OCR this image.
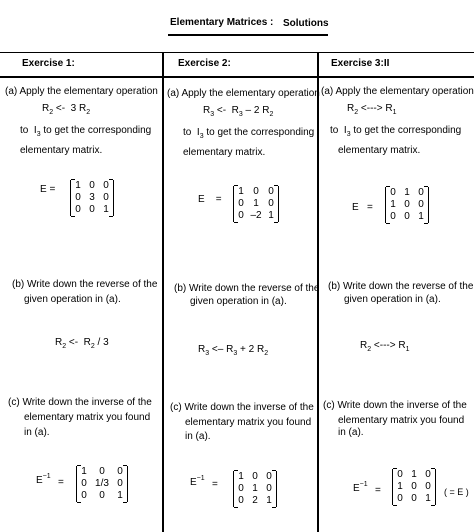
Elementary Matrices : Solutions
Exercise 1:	Exercise 2:	Exercise 3:II
(a) Apply the elementary operation
$R_2 <- 3$ $R_2$
to  $I_3$ to get the corresponding
elementary matrix.
E = 1 0 0
0 3 0
0 0 1
(b) Write down the reverse of the
given operation in (a).
$R_2 <- R_2 / 3$
(c) Write down the inverse of the
elementary matrix you found
in (a).
$E^{-1}$
=
1 0 0
0 1/3 0
0 0 1
(a) Apply the elementary operation
$R_3 <- R_3 - 2$ $R_2$
to  $I_3$ to get the corresponding
elementary matrix.
E    =
1 0 0
0 1 0
0 –2 1
(b) Write down the reverse of the
given operation in (a).
$R_3 <- R_3 + 2$ $R_2$
(c) Write down the inverse of the
elementary matrix you found
in (a).
$E^{-1}$
=
1 0 0
0 1 0
0 2 1
(a) Apply the elementary operation
$R_2$ <---> $R_1$
to  $I_3$ to get the corresponding
elementary matrix.
E   =
0 1 0
1 0 0
0 0 1
(b) Write down the reverse of the
given operation in (a).
$R_2$ <---> $R_1$
(c) Write down the inverse of the
elementary matrix you found
in (a).
$E^{-1}$
=
0 1 0
1 0 0
0 0 1
( = E )
